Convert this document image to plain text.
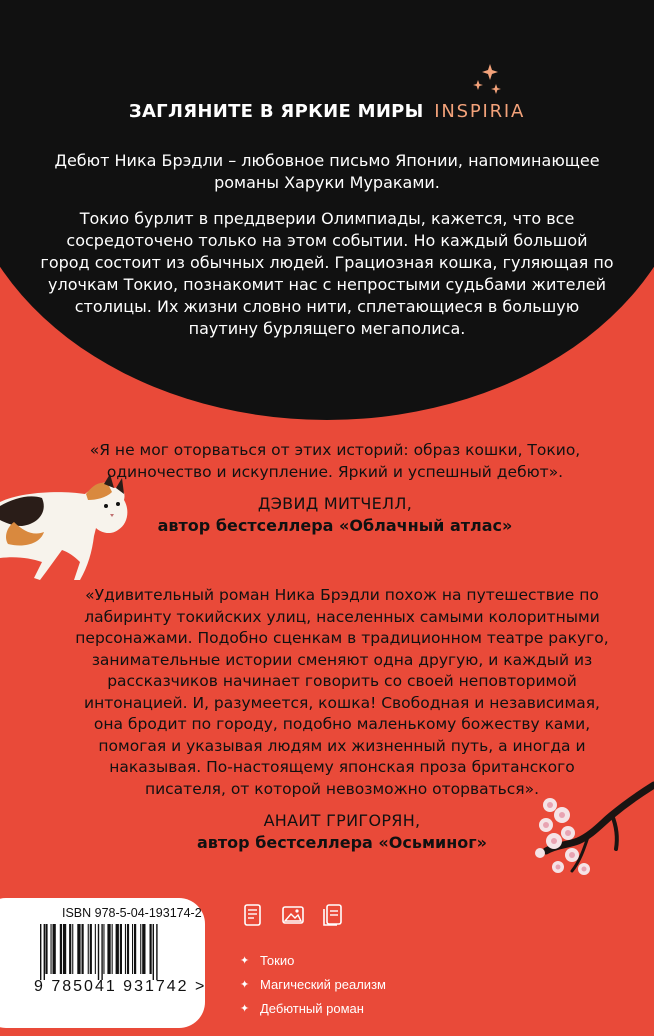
ЗАГЛЯНИТЕ В ЯРКИЕ МИРЫ INSPIRIA

Дебют Ника Брэдли – любовное письмо Японии, напоминающее романы Харуки Мураками.

Токио бурлит в преддверии Олимпиады, кажется, что все сосредоточено только на этом событии. Но каждый большой город состоит из обычных людей. Грациозная кошка, гуляющая по улочкам Токио, познакомит нас с непростыми судьбами жителей столицы. Их жизни словно нити, сплетающиеся в большую паутину бурлящего мегаполиса.

«Я не мог оторваться от этих историй: образ кошки, Токио, одиночество и искупление. Яркий и успешный дебют».

ДЭВИД МИТЧЕЛЛ,

автор бестселлера «Облачный атлас»

«Удивительный роман Ника Брэдли похож на путешествие по лабиринту токийских улиц, населенных самыми колоритными персонажами. Подобно сценкам в традиционном театре ракуго, занимательные истории сменяют одна другую, и каждый из рассказчиков начинает говорить со своей неповторимой интонацией. И, разумеется, кошка! Свободная и независимая, она бродит по городу, подобно маленькому божеству ками, помогая и указывая людям их жизненный путь, а иногда и наказывая. По-настоящему японская проза британского писателя, от которой невозможно оторваться».

АНАИТ ГРИГОРЯН,

автор бестселлера «Осьминог»

ISBN 978-5-04-193174-2
9 785041 931742 >
✦ Токио
✦ Магический реализм
✦ Дебютный роман
